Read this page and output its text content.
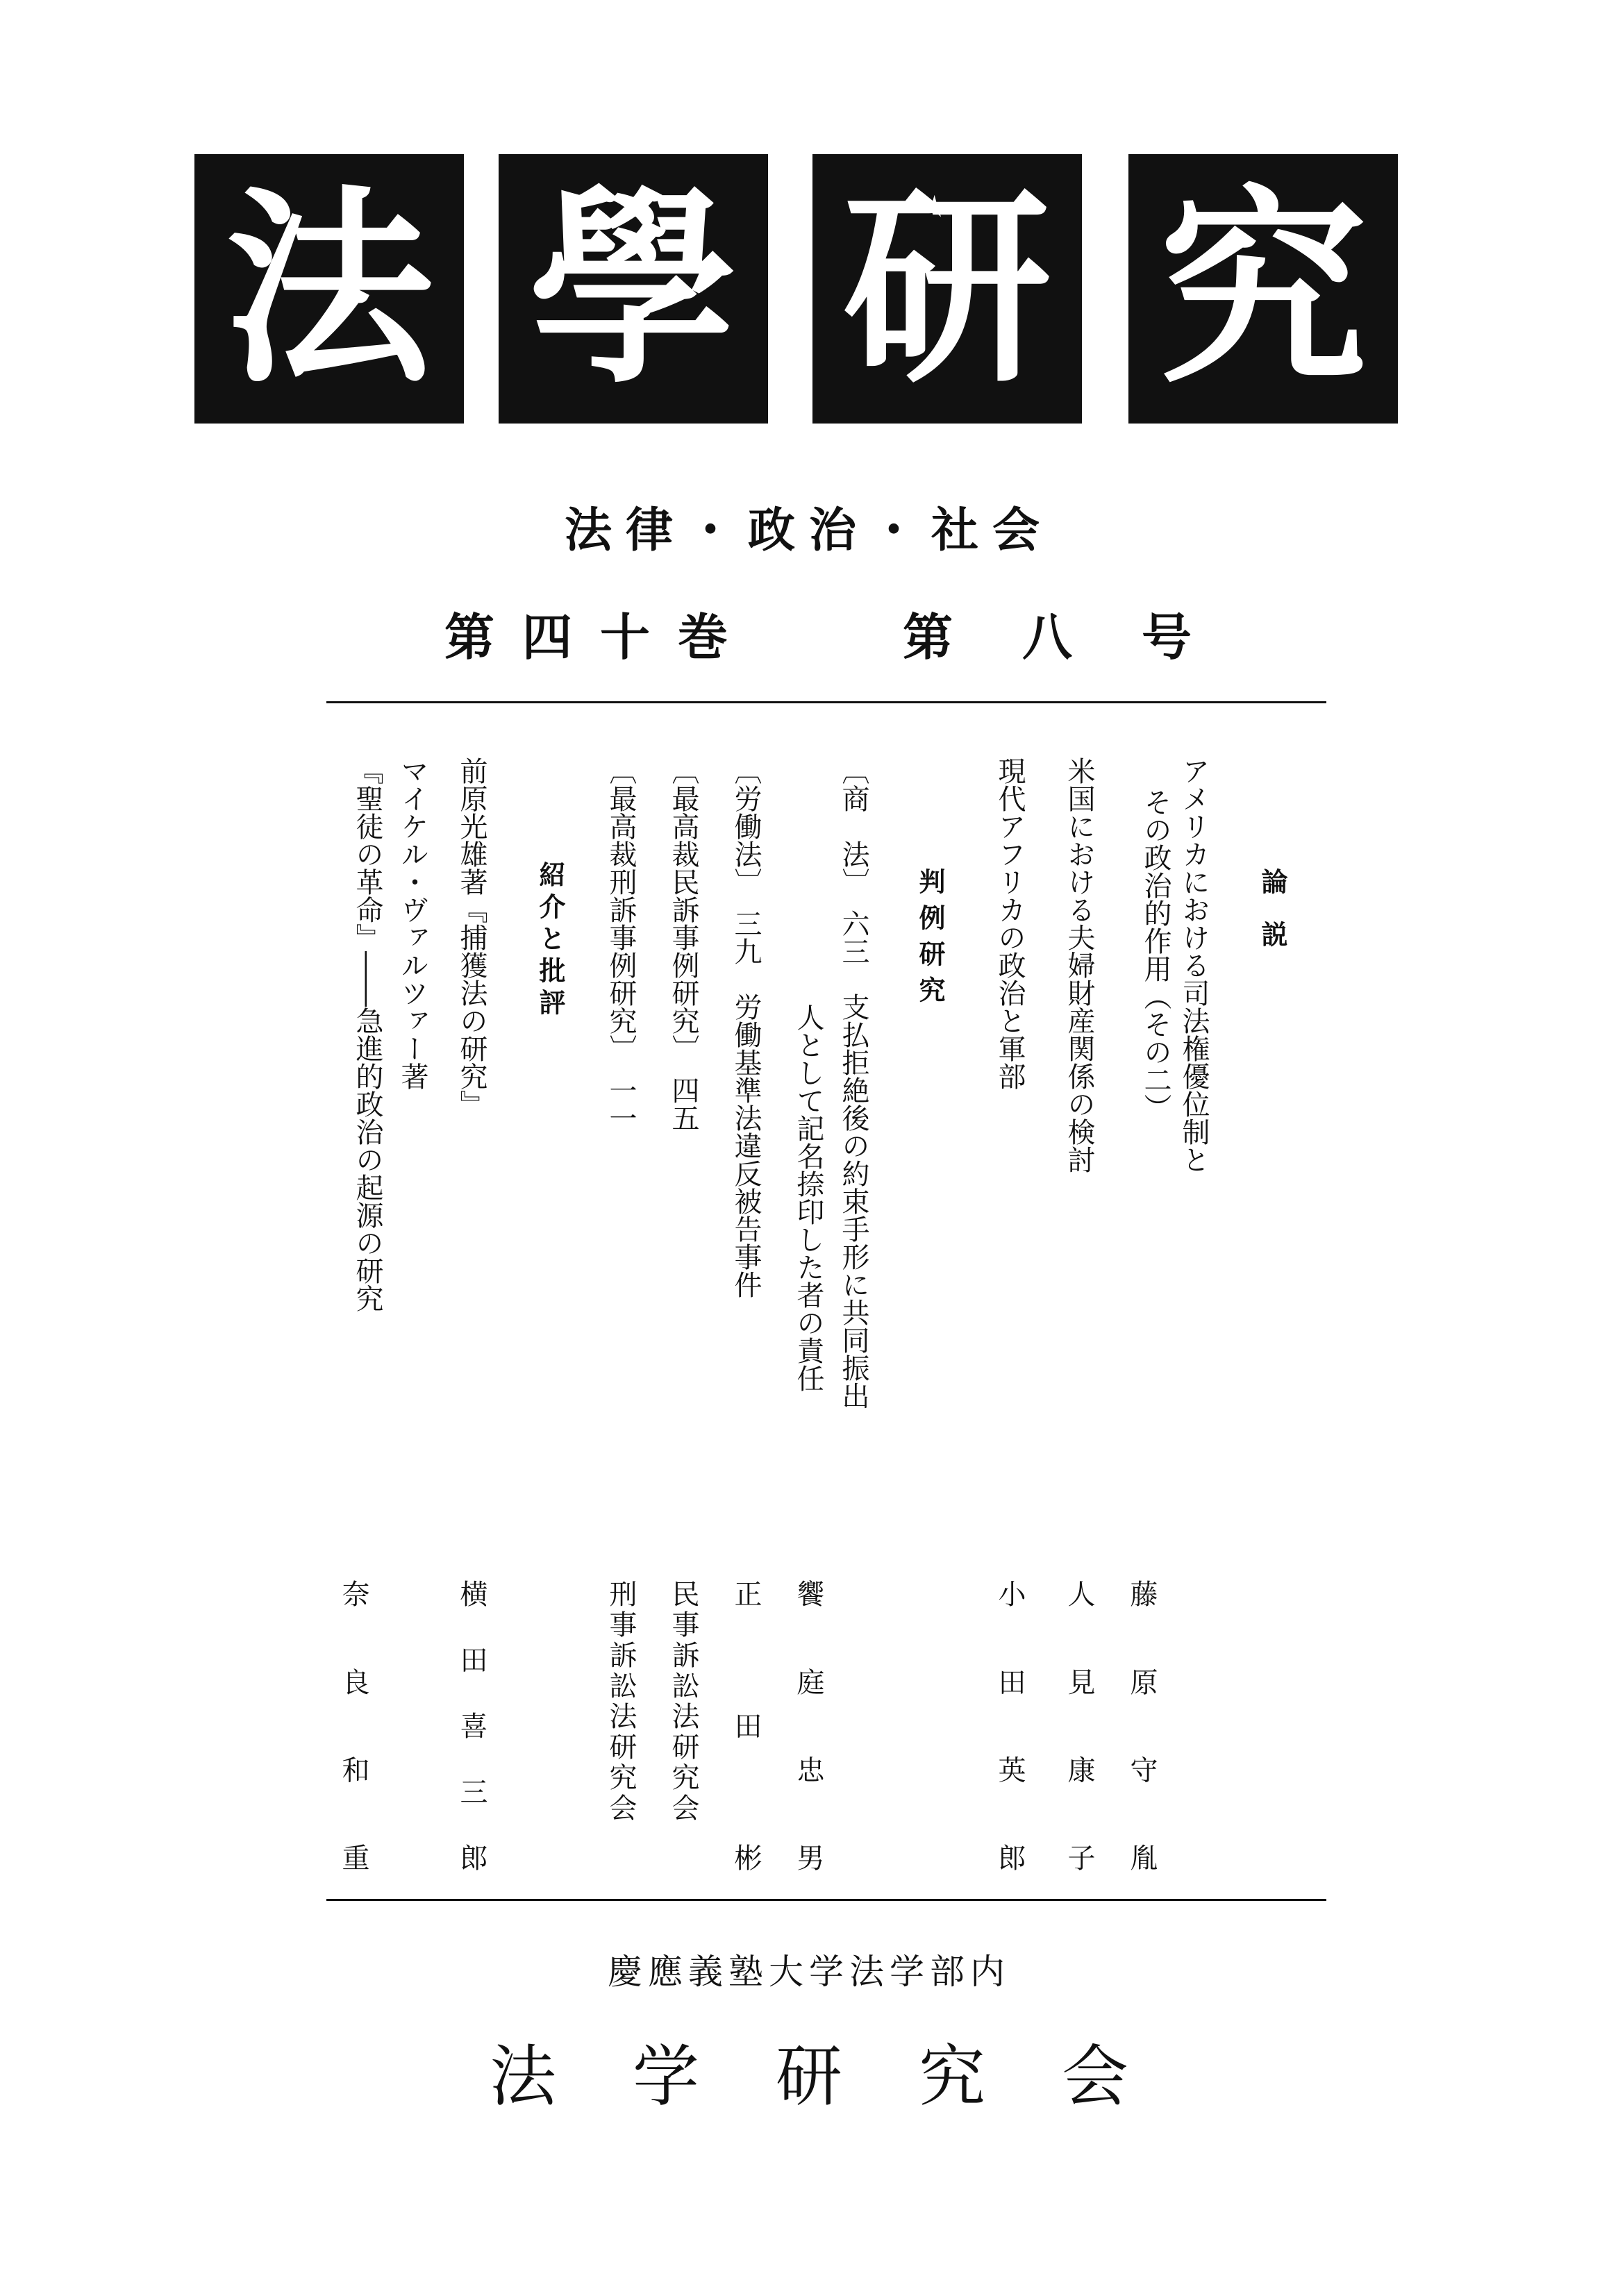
法 學 研 究
法律・政治・社会
第四十巻	第八号
論　説
アメリカにおける司法権優位制と
その政治的作用（その二）
米国における夫婦財産関係の検討
現代アフリカの政治と軍部
判例研究
〔商　法〕　六三　支払拒絶後の約束手形に共同振出
人として記名捺印した者の責任
〔労働法〕　三九　労働基準法違反被告事件
〔最高裁民訴事例研究〕　四五
〔最高裁刑訴事例研究〕　一一
紹介と批評
前原光雄著『捕獲法の研究』
マイケル・ヴァルツァー著
『聖徒の革命』――急進的政治の起源の研究
藤原守胤
人見康子
小田英郎
饗庭忠男
正田彬
民事訴訟法研究会
刑事訴訟法研究会
横田喜三郎
奈良和重
慶應義塾大学法学部内
法学研究会
